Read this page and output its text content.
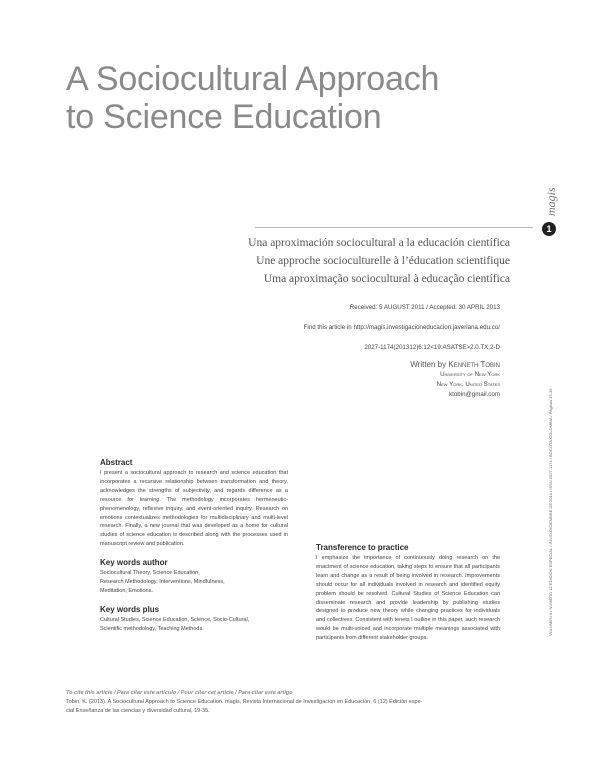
A Sociocultural Approach
to Science Education
Una aproximación sociocultural a la educación científica
Une approche socioculturelle à l’éducation scientifique
Uma aproximação sociocultural à educação científica
Received: 5 AUGUST 2011 / Accepted: 30 APRIL 2013
Find this article in http://magis.investigacioneducacion.javeriana.edu.co/
2027-1174(201312)6:12<19:ASATSE>2.0.TX;2-D
Written by Kenneth Tobin
University of New York
New York, United States
ktobin@gmail.com
Abstract

I present a sociocultural approach to research and science education that incorporates a recursive relationship between transformation and theory, acknowledges the strengths of subjectivity, and regards difference as a resource for learning. The methodology incorporates hermeneutic-phenomenology, reflexive inquiry, and event-oriented inquiry. Research on emotions contextualizes methodologies for multidisciplinary and multi-level research. Finally, a new journal that was developed as a home for cultural studies of science education is described along with the processes used in manuscript review and publication.

Key words author
Sociocultural Theory, Science Education,
Research Methodology, Interventions, Mindfulness,
Meditation, Emotions.
Key words plus
Cultural Studies, Science Education, Science, Socio-Cultural,
Scientific methodology, Teaching Methods.
Transference to practice

I emphasize the importance of continuously doing research on the enactment of science education, taking steps to ensure that all participants learn and change as a result of being involved in research. Improvements should occur for all individuals involved in research and identified equity problem should be resolved. Cultural Studies of Science Education can disseminate research and provide leadership by publishing studies designed to produce new theory while changing practices for individuals and collectives. Consistent with tenets I outline in this paper, such research would be multi-voiced and incorporate multiple meanings associated with participants from different stakeholder groups.

To cite this article / Para citar este artículo / Pour citer cet article / Para citar este artigo
Tobin, K. (2013). A Sociocultural Approach to Science Education. magis, Revista Internacional de Investigación en Educación, 6 (12) Edición espe-
cial Enseñanza de las ciencias y diversidad cultural, 19-35.
magis
1
VOLUMEN 6 / NÚMERO 12 EDICIÓN ESPECIAL / JULIO-DICIEMBRE DE 2013 / ISSN 2027-1174 / BOGOTÁ-COLOMBIA / Páginas 19-35
